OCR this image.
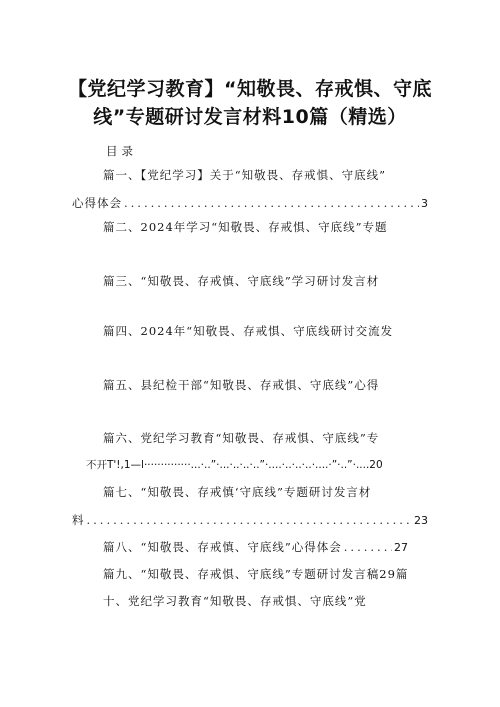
【党纪学习教育】“知敬畏、存戒惧、守底
线”专题研讨发言材料10篇（精选）
目录
篇一、【党纪学习】关于“知敬畏、存戒惧、守底线”
心得体会 .....	3
篇二、2024年学习“知敬畏、存戒惧、守底线”专题
篇三、“知敬畏、存戒慎、守底线”学习研讨发言材
篇四、2024年“知敬畏、存戒惧、守底线研讨交流发
篇五、县纪检干部“知敬畏、存戒惧、守底线”心得
篇六、党纪学习教育“知敬畏、存戒惧、守底线”专
不开T'!,1—l··············...·..”·...·..·..·..”·....·..·..·..·....·”·..”·....20
篇七、“知敬畏、存戒慎‘守底线”专题研讨发言材
料 .....	23
篇八、“知敬畏、存戒慎、守底线”心得体会 .....	27
篇九、“知敬畏、存戒惧、守底线”专题研讨发言稿29篇
十、党纪学习教育“知敬畏、存戒惧、守底线”党
